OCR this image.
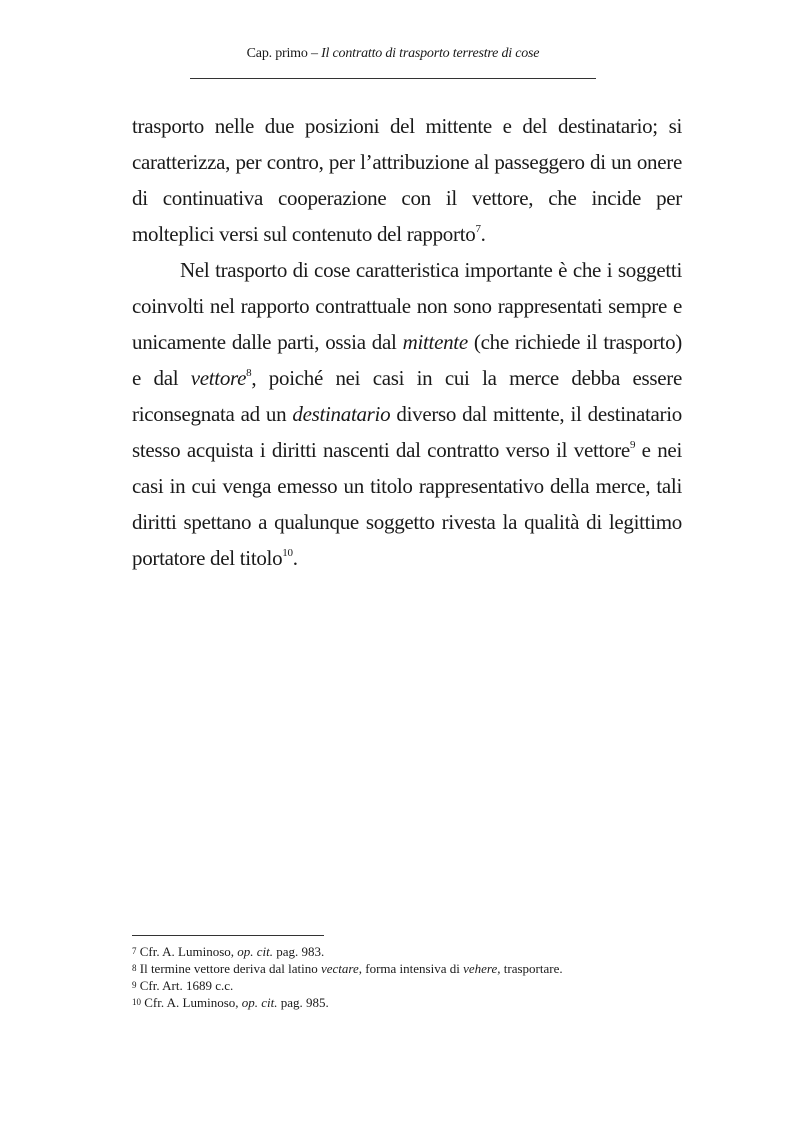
Cap. primo – Il contratto di trasporto terrestre di cose

trasporto nelle due posizioni del mittente e del destinatario; si caratterizza, per contro, per l’attribuzione al passeggero di un onere di continuativa cooperazione con il vettore, che incide per molteplici versi sul contenuto del rapporto$^7$.

Nel trasporto di cose caratteristica importante è che i soggetti coinvolti nel rapporto contrattuale non sono rappresentati sempre e unicamente dalle parti, ossia dal mittente (che richiede il trasporto) e dal vettore$^8$, poiché nei casi in cui la merce debba essere riconsegnata ad un destinatario diverso dal mittente, il destinatario stesso acquista i diritti nascenti dal contratto verso il vettore$^9$ e nei casi in cui venga emesso un titolo rappresentativo della merce, tali diritti spettano a qualunque soggetto rivesta la qualità di legittimo portatore del titolo$^{10}$.

7 Cfr. A. Luminoso, op. cit. pag. 983.
8 Il termine vettore deriva dal latino vectare, forma intensiva di vehere, trasportare.
9 Cfr. Art. 1689 c.c.
10 Cfr. A. Luminoso, op. cit. pag. 985.
